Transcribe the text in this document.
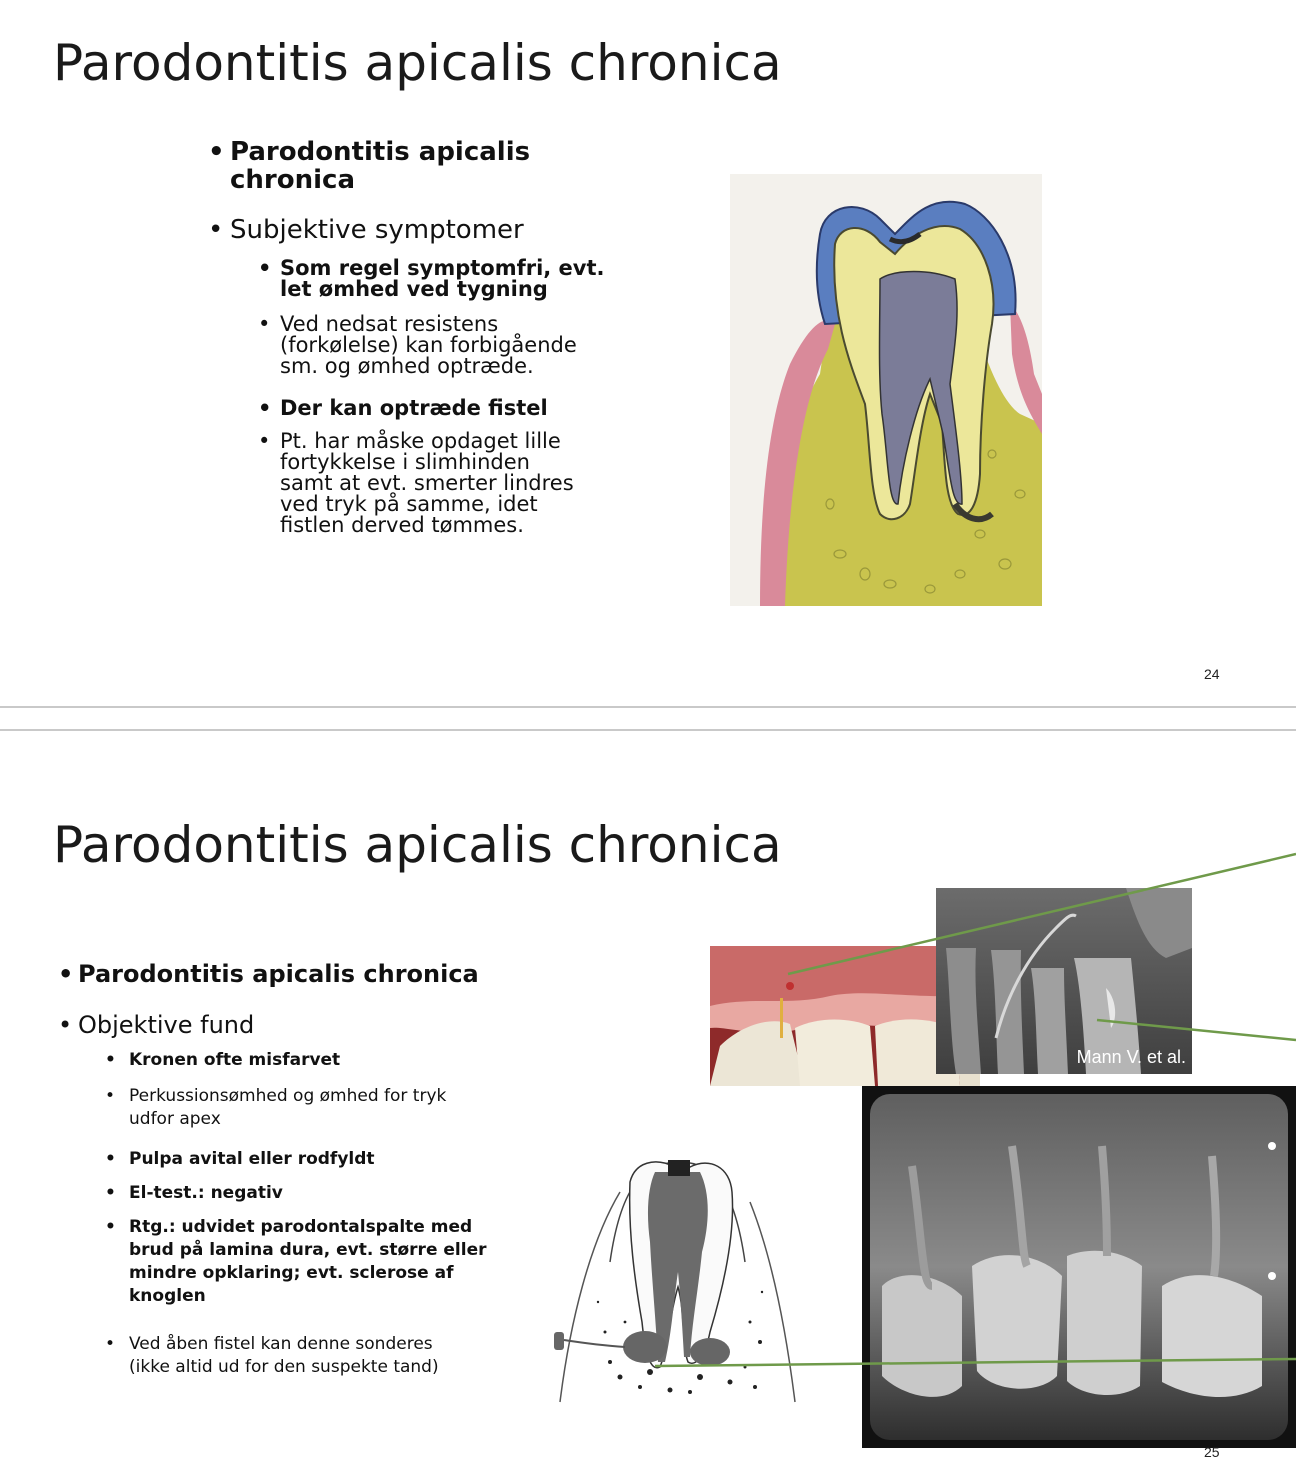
Parodontitis apicalis chronica
• Parodontitis apicalis
chronica
• Subjektive symptomer
• Som regel symptomfri, evt.
let ømhed ved tygning
• Ved nedsat resistens
(forkølelse) kan forbigående
sm. og ømhed optræde.
• Der kan optræde fistel
• Pt. har måske opdaget lille
fortykkelse i slimhinden
samt at evt. smerter lindres
ved tryk på samme, idet
fistlen derved tømmes.
24
Parodontitis apicalis chronica
• Parodontitis apicalis chronica
• Objektive fund
• Kronen ofte misfarvet
• Perkussionsømhed og ømhed for tryk
udfor apex
• Pulpa avital eller rodfyldt
• El-test.: negativ
• Rtg.: udvidet parodontalspalte med
brud på lamina dura, evt. større eller
mindre opklaring; evt. sclerose af
knoglen
• Ved åben fistel kan denne sonderes
(ikke altid ud for den suspekte tand)
Mann V. et al.
25
